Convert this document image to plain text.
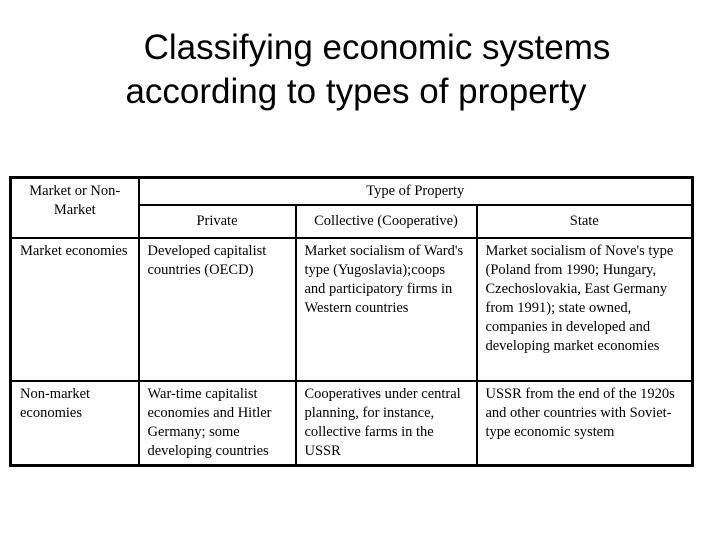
Classifying economic systems
according to types of property
Market or Non-Market	Type of Property		
	Private	Collective (Cooperative)	State
Market economies	Developed capitalist countries (OECD)	Market socialism of Ward's type (Yugoslavia);coops and participatory firms in Western countries	Market socialism of Nove's type (Poland from 1990; Hungary, Czechoslovakia, East Germany from 1991); state owned, companies in developed and developing market economies
Non-market economies	War-time capitalist economies and Hitler Germany; some developing countries	Cooperatives under central planning, for instance, collective farms in the USSR	USSR from the end of the 1920s and other countries with Soviet-type economic system
